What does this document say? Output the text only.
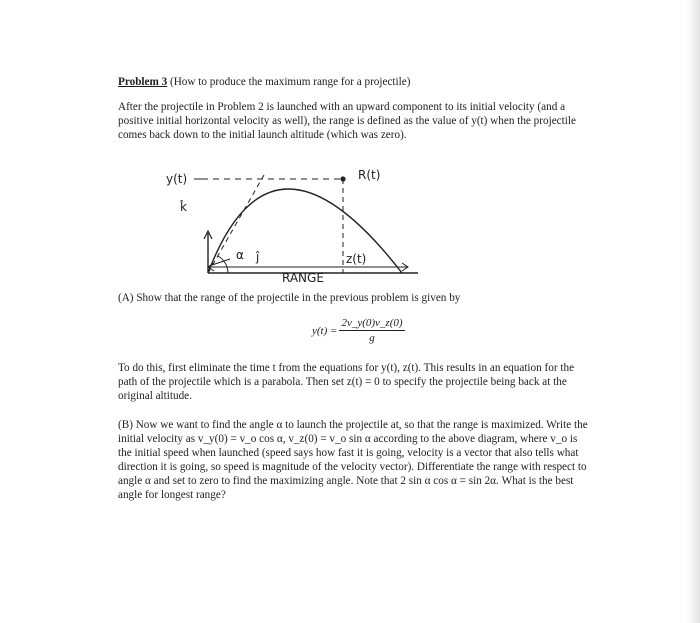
Problem 3 (How to produce the maximum range for a projectile)
After the projectile in Problem 2 is launched with an upward component to its initial velocity (and a positive initial horizontal velocity as well), the range is defined as the value of y(t) when the projectile comes back down to the initial launch altitude (which was zero).
y(t)
k̂
α ĵ
R(t)
z(t)
RANGE
(A) Show that the range of the projectile in the previous problem is given by
$y(t) = \frac{2v\_y(0)v\_z(0)}{g}$
To do this, first eliminate the time t from the equations for y(t), z(t). This results in an equation for the path of the projectile which is a parabola. Then set z(t) = 0 to specify the projectile being back at the original altitude.
(B) Now we want to find the angle α to launch the projectile at, so that the range is maximized. Write the initial velocity as v_y(0) = v_o cos α, v_z(0) = v_o sin α according to the above diagram, where v_o is the initial speed when launched (speed says how fast it is going, velocity is a vector that also tells what direction it is going, so speed is magnitude of the velocity vector). Differentiate the range with respect to angle α and set to zero to find the maximizing angle. Note that 2 sin α cos α = sin 2α. What is the best angle for longest range?
